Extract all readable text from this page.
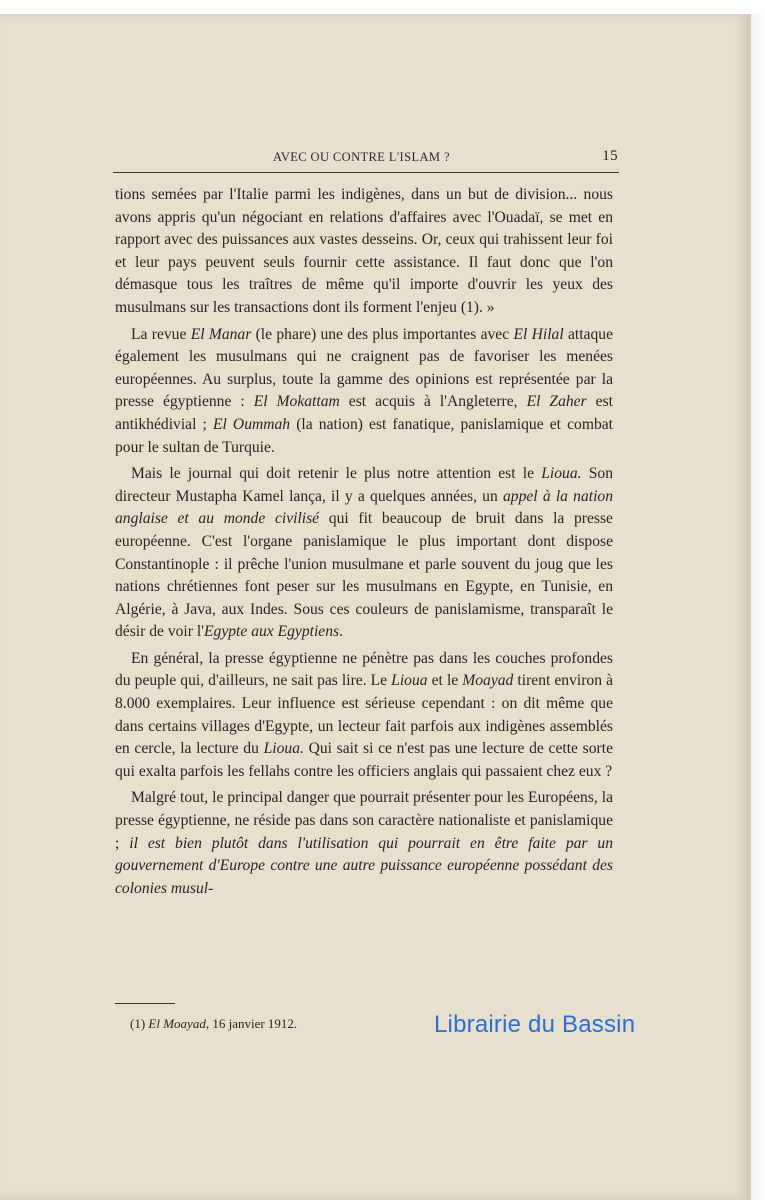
AVEC OU CONTRE L'ISLAM ?	15

tions semées par l'Italie parmi les indigènes, dans un but de division... nous avons appris qu'un négociant en relations d'affaires avec l'Ouadaï, se met en rapport avec des puissances aux vastes desseins. Or, ceux qui trahissent leur foi et leur pays peuvent seuls fournir cette assistance. Il faut donc que l'on démasque tous les traîtres de même qu'il importe d'ouvrir les yeux des musulmans sur les transactions dont ils forment l'enjeu (1). »

La revue El Manar (le phare) une des plus importantes avec El Hilal attaque également les musulmans qui ne craignent pas de favoriser les menées européennes. Au surplus, toute la gamme des opinions est représentée par la presse égyptienne : El Mokattam est acquis à l'Angleterre, El Zaher est antikhédivial ; El Oummah (la nation) est fanatique, panislamique et combat pour le sultan de Turquie.

Mais le journal qui doit retenir le plus notre attention est le Lioua. Son directeur Mustapha Kamel lança, il y a quelques années, un appel à la nation anglaise et au monde civilisé qui fit beaucoup de bruit dans la presse européenne. C'est l'organe panislamique le plus important dont dispose Constantinople : il prêche l'union musulmane et parle souvent du joug que les nations chrétiennes font peser sur les musulmans en Egypte, en Tunisie, en Algérie, à Java, aux Indes. Sous ces couleurs de panislamisme, transparaît le désir de voir l'Egypte aux Egyptiens.

En général, la presse égyptienne ne pénètre pas dans les couches profondes du peuple qui, d'ailleurs, ne sait pas lire. Le Lioua et le Moayad tirent environ à 8.000 exemplaires. Leur influence est sérieuse cependant : on dit même que dans certains villages d'Egypte, un lecteur fait parfois aux indigènes assemblés en cercle, la lecture du Lioua. Qui sait si ce n'est pas une lecture de cette sorte qui exalta parfois les fellahs contre les officiers anglais qui passaient chez eux ?

Malgré tout, le principal danger que pourrait présenter pour les Européens, la presse égyptienne, ne réside pas dans son caractère nationaliste et panislamique ; il est bien plutôt dans l'utilisation qui pourrait en être faite par un gouvernement d'Europe contre une autre puissance européenne possédant des colonies musul-

(1) El Moayad, 16 janvier 1912.	Librairie du Bassin
